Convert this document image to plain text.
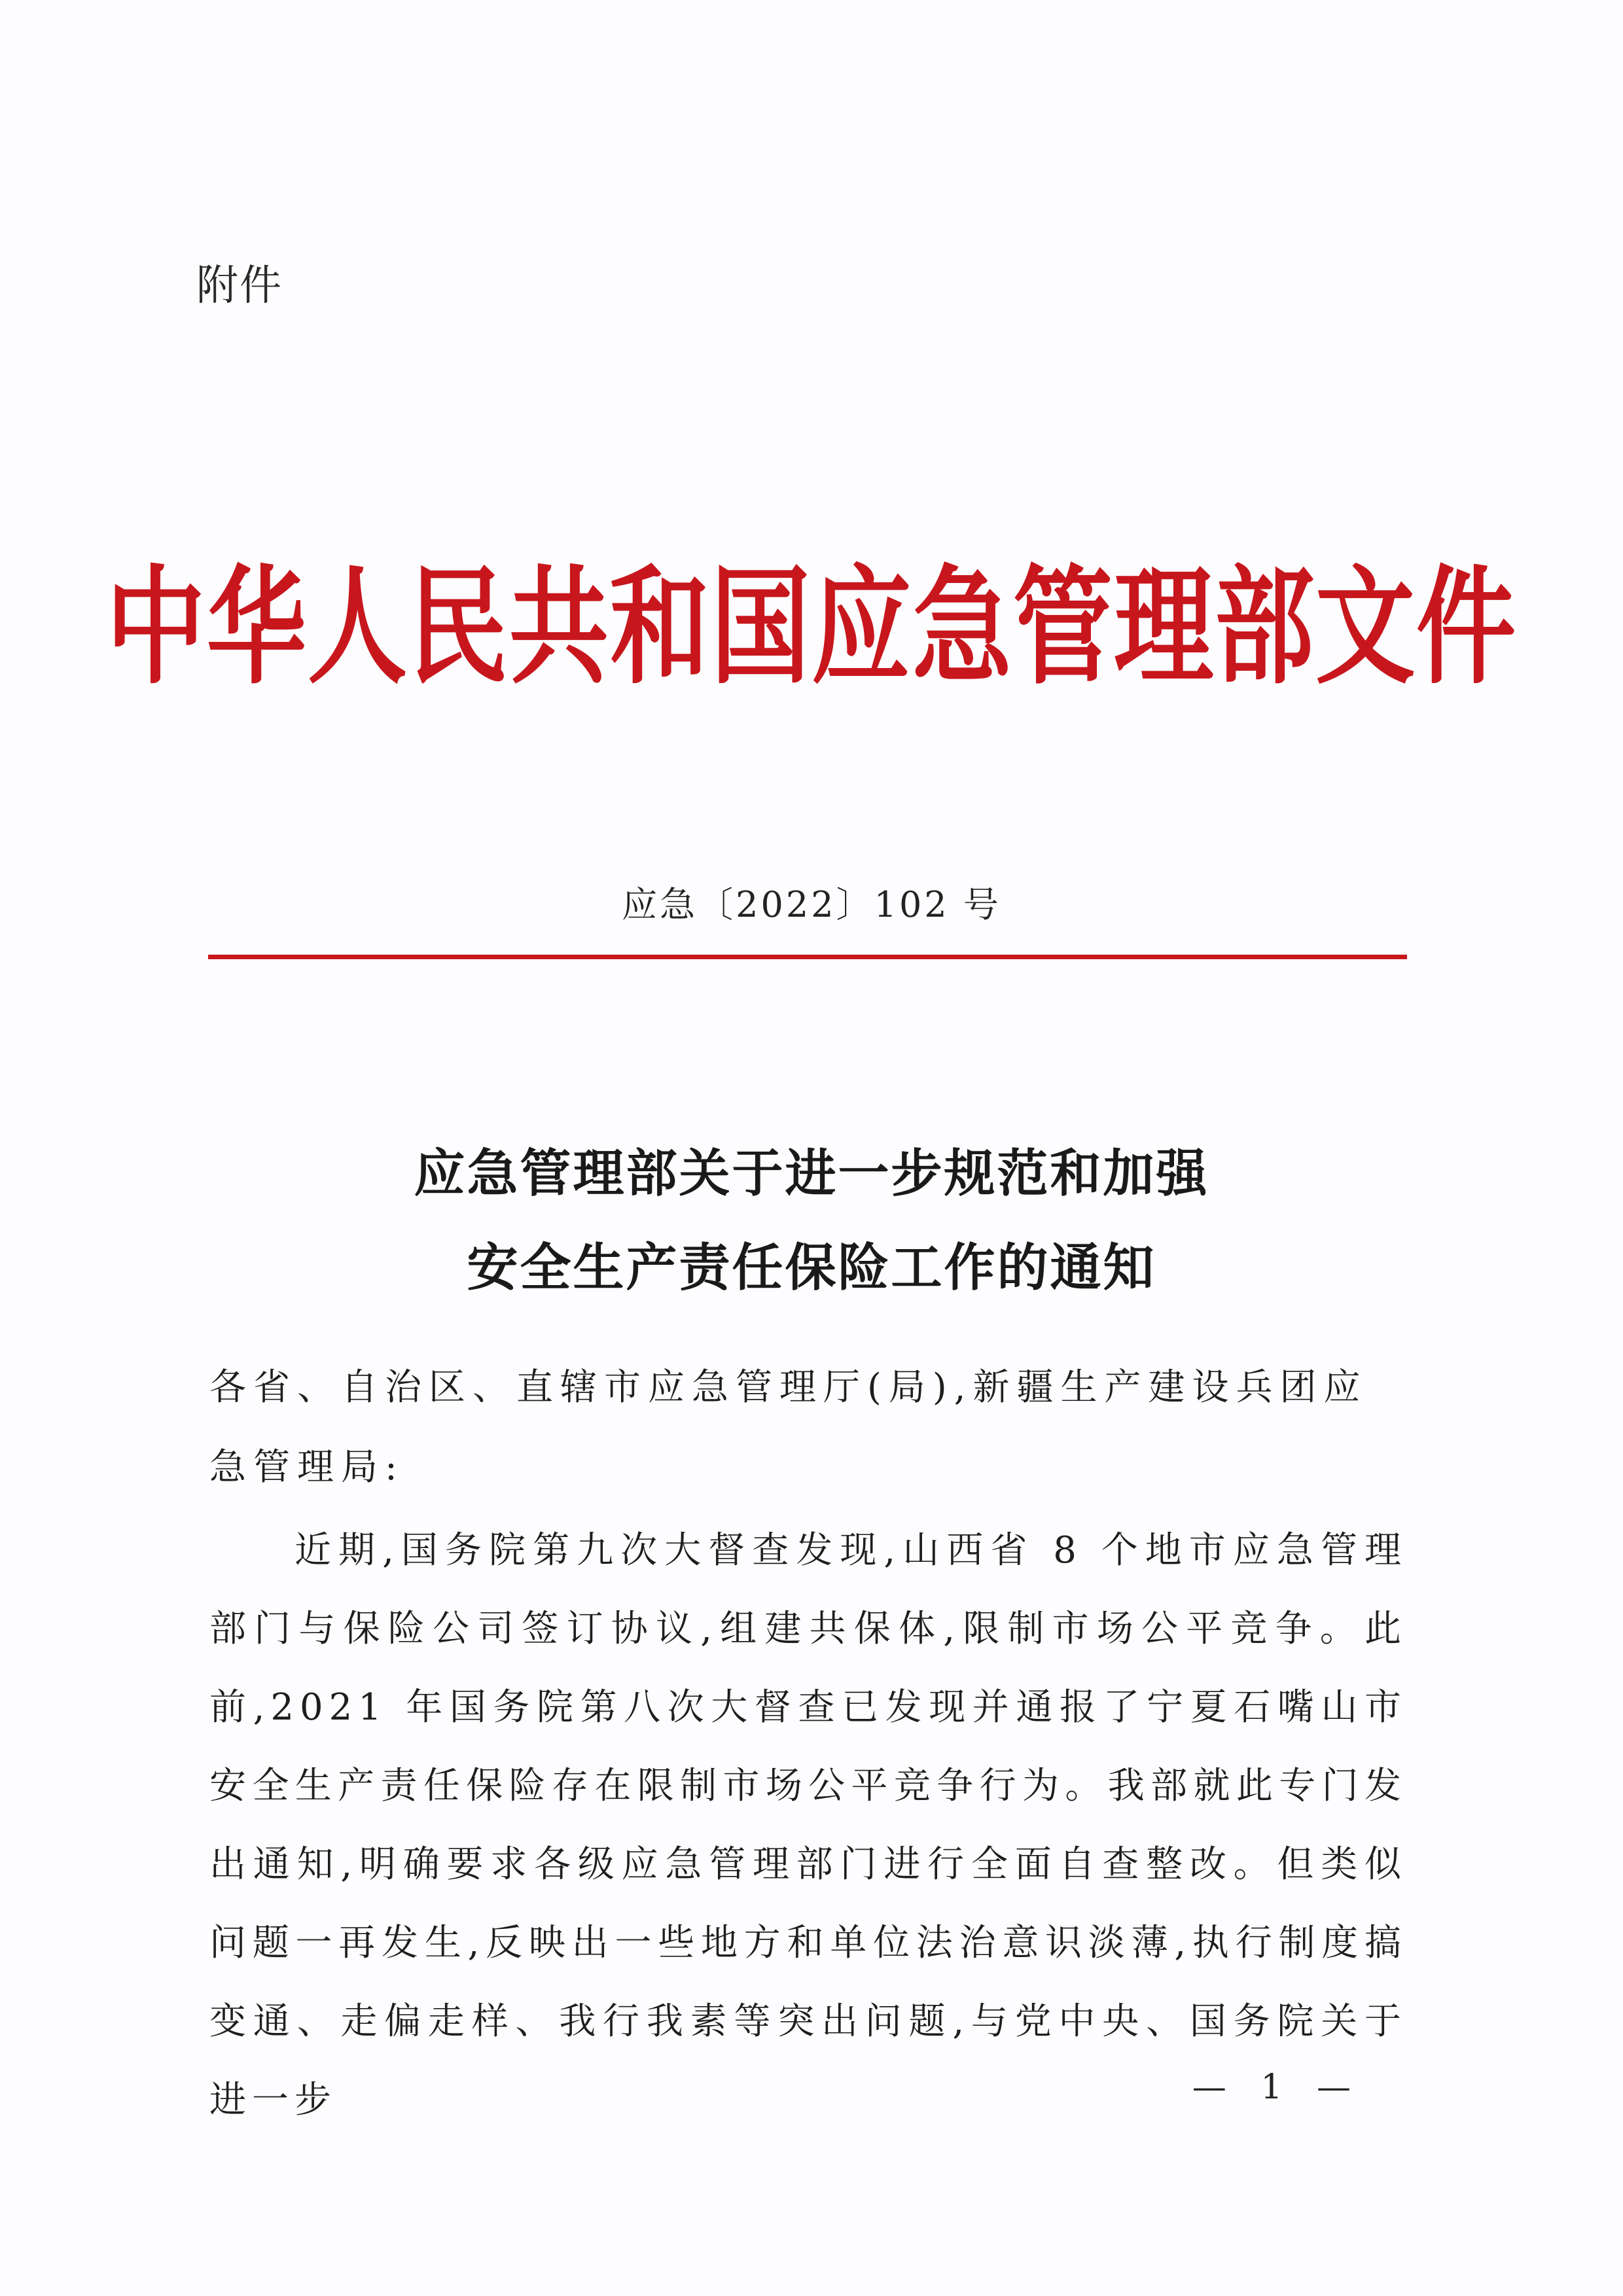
附件

中华人民共和国应急管理部文件

应急〔2022〕102 号

应急管理部关于进一步规范和加强
安全生产责任保险工作的通知

各省、自治区、直辖市应急管理厅(局),新疆生产建设兵团应急管理局:

近期,国务院第九次大督查发现,山西省 8 个地市应急管理部门与保险公司签订协议,组建共保体,限制市场公平竞争。此前,2021 年国务院第八次大督查已发现并通报了宁夏石嘴山市安全生产责任保险存在限制市场公平竞争行为。我部就此专门发出通知,明确要求各级应急管理部门进行全面自查整改。但类似问题一再发生,反映出一些地方和单位法治意识淡薄,执行制度搞变通、走偏走样、我行我素等突出问题,与党中央、国务院关于进一步	— 1 —
